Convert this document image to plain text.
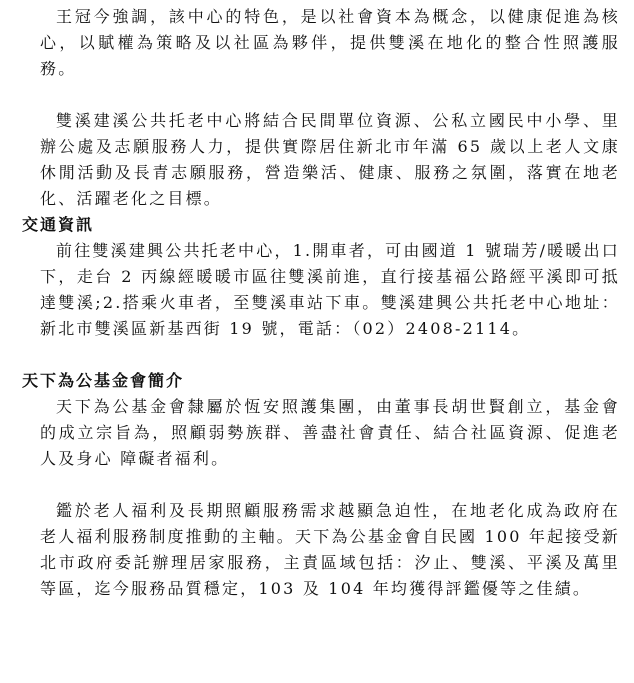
王冠今強調，該中心的特色，是以社會資本為概念，以健康促進為核心，以賦權為策略及以社區為夥伴，提供雙溪在地化的整合性照護服務。

雙溪建溪公共托老中心將結合民間單位資源、公私立國民中小學、里辦公處及志願服務人力，提供實際居住新北市年滿 65 歲以上老人文康休閒活動及長青志願服務，營造樂活、健康、服務之氛圍，落實在地老化、活躍老化之目標。

交通資訊

前往雙溪建興公共托老中心，1.開車者，可由國道 1 號瑞芳/暖暖出口下，走台 2 丙線經暖暖市區往雙溪前進，直行接基福公路經平溪即可抵達雙溪;2.搭乘火車者，至雙溪車站下車。雙溪建興公共托老中心地址：新北市雙溪區新基西街 19 號，電話：（02）2408-2114。

天下為公基金會簡介

天下為公基金會隸屬於恆安照護集團，由董事長胡世賢創立，基金會的成立宗旨為，照顧弱勢族群、善盡社會責任、結合社區資源、促進老人及身心 障礙者福利。

鑑於老人福利及長期照顧服務需求越顯急迫性，在地老化成為政府在老人福利服務制度推動的主軸。天下為公基金會自民國 100 年起接受新北市政府委託辦理居家服務，主責區域包括：汐止、雙溪、平溪及萬里等區，迄今服務品質穩定，103 及 104 年均獲得評鑑優等之佳績。
